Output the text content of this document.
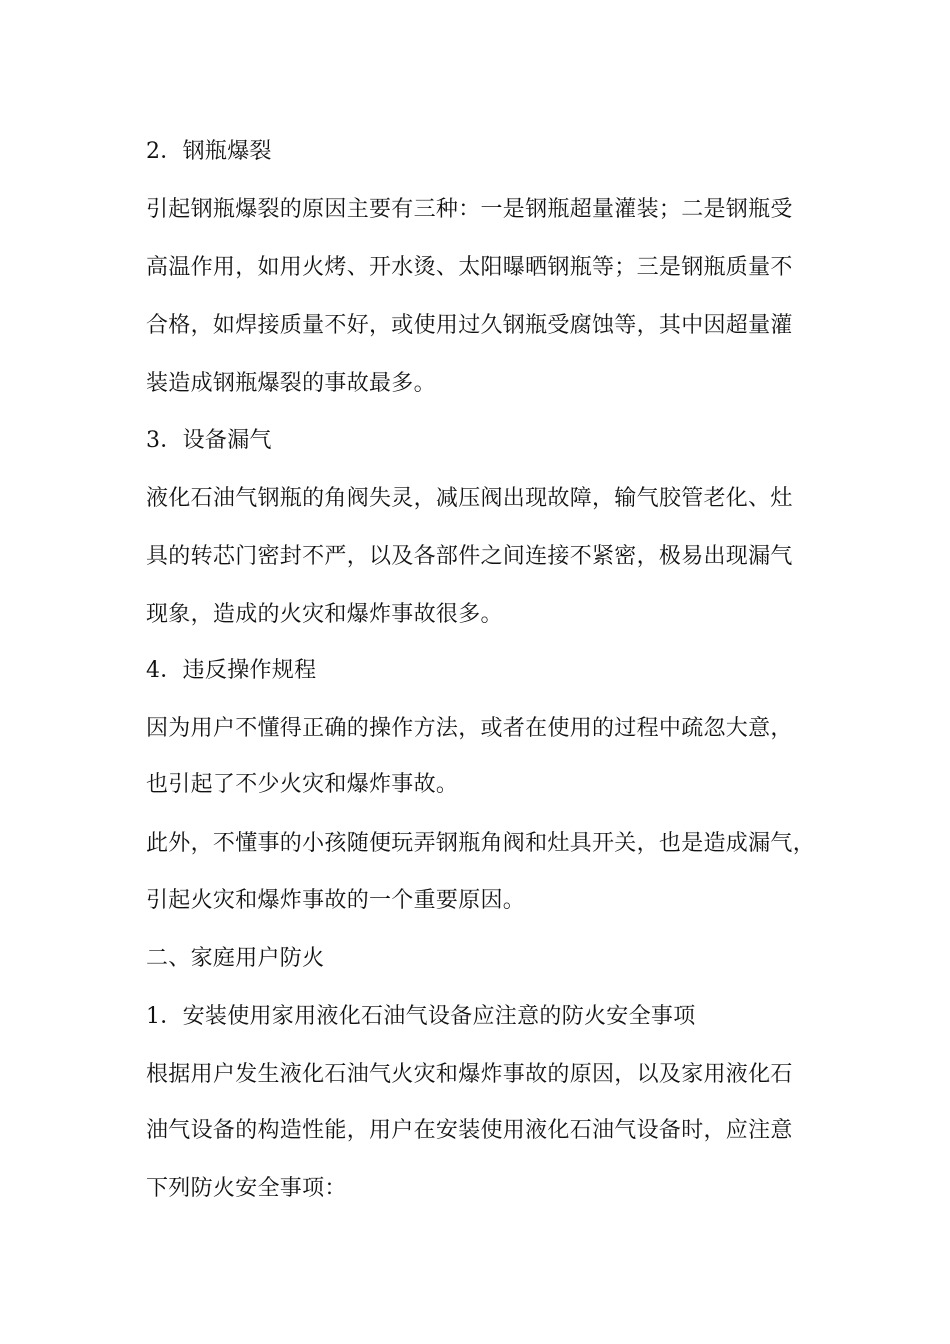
2．钢瓶爆裂
引起钢瓶爆裂的原因主要有三种：一是钢瓶超量灌装；二是钢瓶受
高温作用，如用火烤、开水烫、太阳曝晒钢瓶等；三是钢瓶质量不
合格，如焊接质量不好，或使用过久钢瓶受腐蚀等，其中因超量灌
装造成钢瓶爆裂的事故最多。
3．设备漏气
液化石油气钢瓶的角阀失灵，减压阀出现故障，输气胶管老化、灶
具的转芯门密封不严，以及各部件之间连接不紧密，极易出现漏气
现象，造成的火灾和爆炸事故很多。
4．违反操作规程
因为用户不懂得正确的操作方法，或者在使用的过程中疏忽大意，
也引起了不少火灾和爆炸事故。
此外，不懂事的小孩随便玩弄钢瓶角阀和灶具开关，也是造成漏气，
引起火灾和爆炸事故的一个重要原因。
二、家庭用户防火
1．安装使用家用液化石油气设备应注意的防火安全事项
根据用户发生液化石油气火灾和爆炸事故的原因，以及家用液化石
油气设备的构造性能，用户在安装使用液化石油气设备时，应注意
下列防火安全事项：
